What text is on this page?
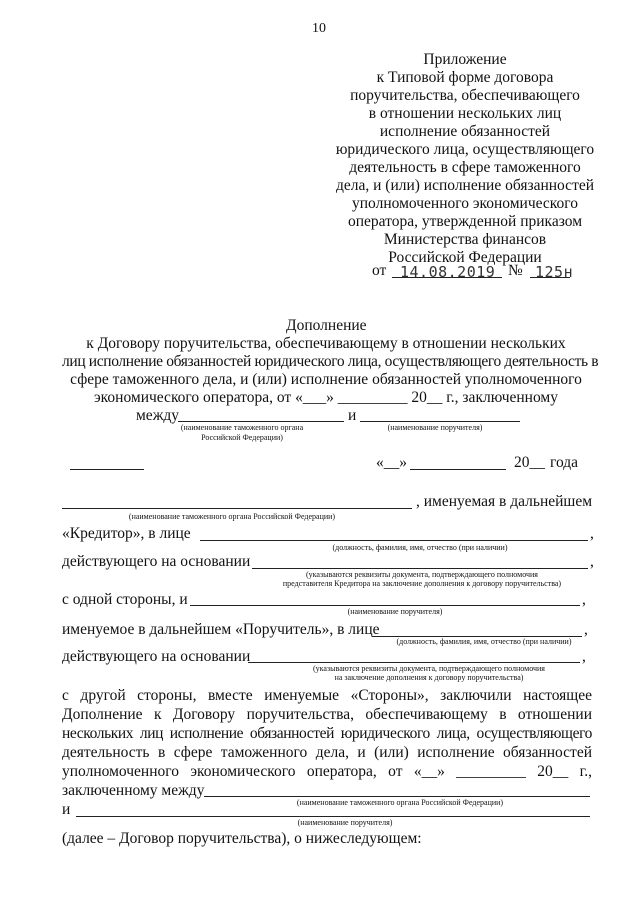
10
Приложение
к Типовой форме договора
поручительства, обеспечивающего
в отношении нескольких лиц
исполнение обязанностей
юридического лица, осуществляющего
деятельность в сфере таможенного
дела, и (или) исполнение обязанностей
уполномоченного экономического
оператора, утвержденной приказом
Министерства финансов
Российской Федерации
от 14.08.2019 № 125н
Дополнение
к Договору поручительства, обеспечивающему в отношении нескольких
лиц исполнение обязанностей юридического лица, осуществляющего деятельность в
сфере таможенного дела, и (или) исполнение обязанностей уполномоченного
экономического оператора, от «___» _________ 20__ г., заключенному
между	и
(наименование таможенного органа
Российской Федерации)
(наименование поручителя)
«__»	20__ года
, именуемая в дальнейшем
(наименование таможенного органа Российской Федерации)
«Кредитор», в лице	,
(должность, фамилия, имя, отчество (при наличии)
действующего на основании	,
(указываются реквизиты документа, подтверждающего полномочия
представителя Кредитора на заключение дополнения к договору поручительства)
с одной стороны, и	,
(наименование поручителя)
именуемое в дальнейшем «Поручитель», в лице	,
(должность, фамилия, имя, отчество (при наличии)
действующего на основании	,
(указываются реквизиты документа, подтверждающего полномочия
на заключение дополнения к договору поручительства)
с другой стороны, вместе именуемые «Стороны», заключили настоящее
Дополнение к Договору поручительства, обеспечивающему в отношении
нескольких лиц исполнение обязанностей юридического лица, осуществляющего
деятельность в сфере таможенного дела, и (или) исполнение обязанностей
уполномоченного экономического оператора, от «__» _________ 20__ г.,
заключенному между
(наименование таможенного органа Российской Федерации)
и
(наименование поручителя)
(далее – Договор поручительства), о нижеследующем:
